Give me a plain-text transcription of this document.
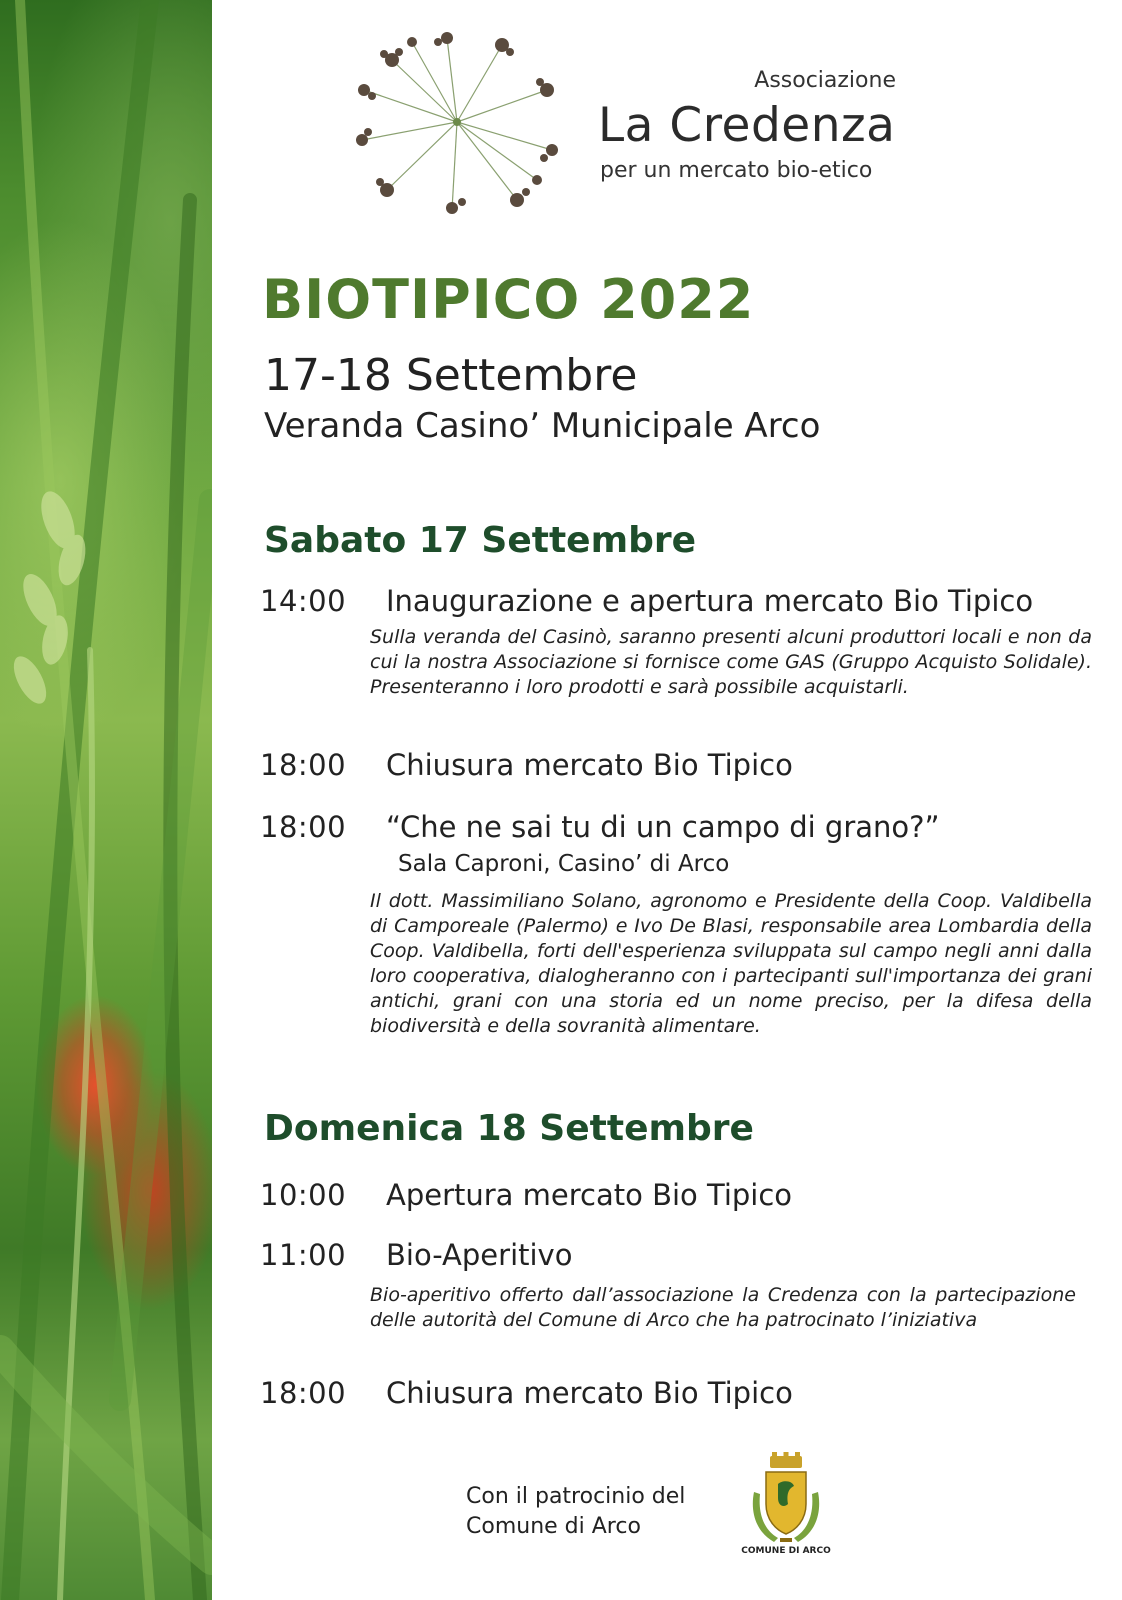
Associazione
La Credenza
per un mercato bio-etico
BIOTIPICO 2022
17-18 Settembre
Veranda Casino’ Municipale Arco
Sabato 17 Settembre
14:00 Inaugurazione e apertura mercato Bio Tipico
Sulla veranda del Casinò, saranno presenti alcuni produttori locali e non da cui la nostra Associazione si fornisce come GAS (Gruppo Acquisto Solidale). Presenteranno i loro prodotti e sarà possibile acquistarli.
18:00 Chiusura mercato Bio Tipico
18:00 “Che ne sai tu di un campo di grano?”
Sala Caproni, Casino’ di Arco
Il dott. Massimiliano Solano, agronomo e Presidente della Coop. Valdibella di Camporeale (Palermo) e Ivo De Blasi, responsabile area Lombardia della Coop. Valdibella, forti dell'esperienza sviluppata sul campo negli anni dalla loro cooperativa, dialogheranno con i partecipanti sull'importanza dei grani antichi, grani con una storia ed un nome preciso, per la difesa della biodiversità e della sovranità alimentare.
Domenica 18 Settembre
10:00 Apertura mercato Bio Tipico
11:00 Bio-Aperitivo
Bio-aperitivo offerto dall’associazione la Credenza con la partecipazione delle autorità del Comune di Arco che ha patrocinato l’iniziativa
18:00 Chiusura mercato Bio Tipico
Con il patrocinio del
Comune di Arco
COMUNE DI ARCO
